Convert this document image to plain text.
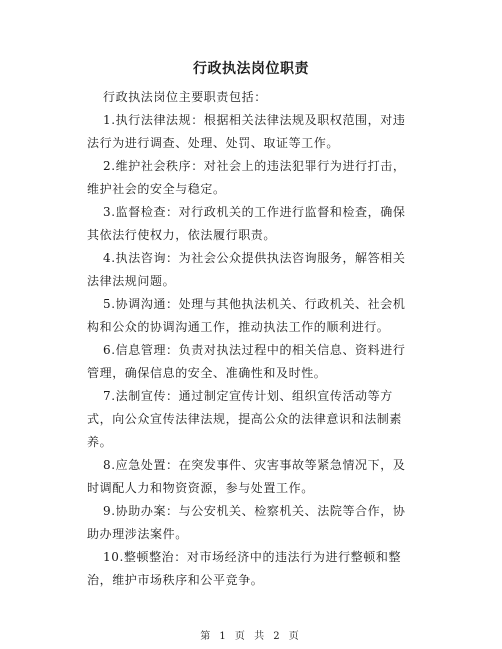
行政执法岗位职责

行政执法岗位主要职责包括：

1.执行法律法规：根据相关法律法规及职权范围，对违法行为进行调查、处理、处罚、取证等工作。

2.维护社会秩序：对社会上的违法犯罪行为进行打击，维护社会的安全与稳定。

3.监督检查：对行政机关的工作进行监督和检查，确保其依法行使权力，依法履行职责。

4.执法咨询：为社会公众提供执法咨询服务，解答相关法律法规问题。

5.协调沟通：处理与其他执法机关、行政机关、社会机构和公众的协调沟通工作，推动执法工作的顺利进行。

6.信息管理：负责对执法过程中的相关信息、资料进行管理，确保信息的安全、准确性和及时性。

7.法制宣传：通过制定宣传计划、组织宣传活动等方式，向公众宣传法律法规，提高公众的法律意识和法制素养。

8.应急处置：在突发事件、灾害事故等紧急情况下，及时调配人力和物资资源，参与处置工作。

9.协助办案：与公安机关、检察机关、法院等合作，协助办理涉法案件。

10.整顿整治：对市场经济中的违法行为进行整顿和整治，维护市场秩序和公平竞争。

第 1 页 共 2 页
